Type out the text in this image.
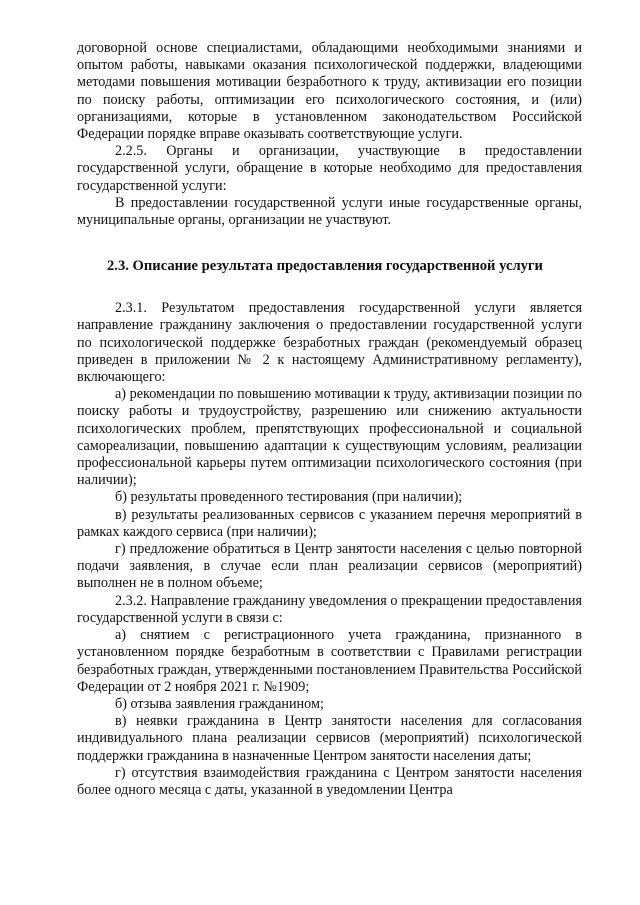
договорной основе специалистами, обладающими необходимыми знаниями и опытом работы, навыками оказания психологической поддержки, владеющими методами повышения мотивации безработного к труду, активизации его позиции по поиску работы, оптимизации его психологического состояния, и (или) организациями, которые в установленном законодательством Российской Федерации порядке вправе оказывать соответствующие услуги.

2.2.5. Органы и организации, участвующие в предоставлении государственной услуги, обращение в которые необходимо для предоставления государственной услуги:

В предоставлении государственной услуги иные государственные органы, муниципальные органы, организации не участвуют.

2.3. Описание результата предоставления государственной услуги

2.3.1. Результатом предоставления государственной услуги является направление гражданину заключения о предоставлении государственной услуги по психологической поддержке безработных граждан (рекомендуемый образец приведен в приложении № 2 к настоящему Административному регламенту), включающего:

а) рекомендации по повышению мотивации к труду, активизации позиции по поиску работы и трудоустройству, разрешению или снижению актуальности психологических проблем, препятствующих профессиональной и социальной самореализации, повышению адаптации к существующим условиям, реализации профессиональной карьеры путем оптимизации психологического состояния (при наличии);

б) результаты проведенного тестирования (при наличии);

в) результаты реализованных сервисов с указанием перечня мероприятий в рамках каждого сервиса (при наличии);

г) предложение обратиться в Центр занятости населения с целью повторной подачи заявления, в случае если план реализации сервисов (мероприятий) выполнен не в полном объеме;

2.3.2. Направление гражданину уведомления о прекращении предоставления государственной услуги в связи с:

а) снятием с регистрационного учета гражданина, признанного в установленном порядке безработным в соответствии с Правилами регистрации безработных граждан, утвержденными постановлением Правительства Российской Федерации от 2 ноября 2021 г. №1909;

б) отзыва заявления гражданином;

в) неявки гражданина в Центр занятости населения для согласования индивидуального плана реализации сервисов (мероприятий) психологической поддержки гражданина в назначенные Центром занятости населения даты;

г) отсутствия взаимодействия гражданина с Центром занятости населения более одного месяца с даты, указанной в уведомлении Центра
